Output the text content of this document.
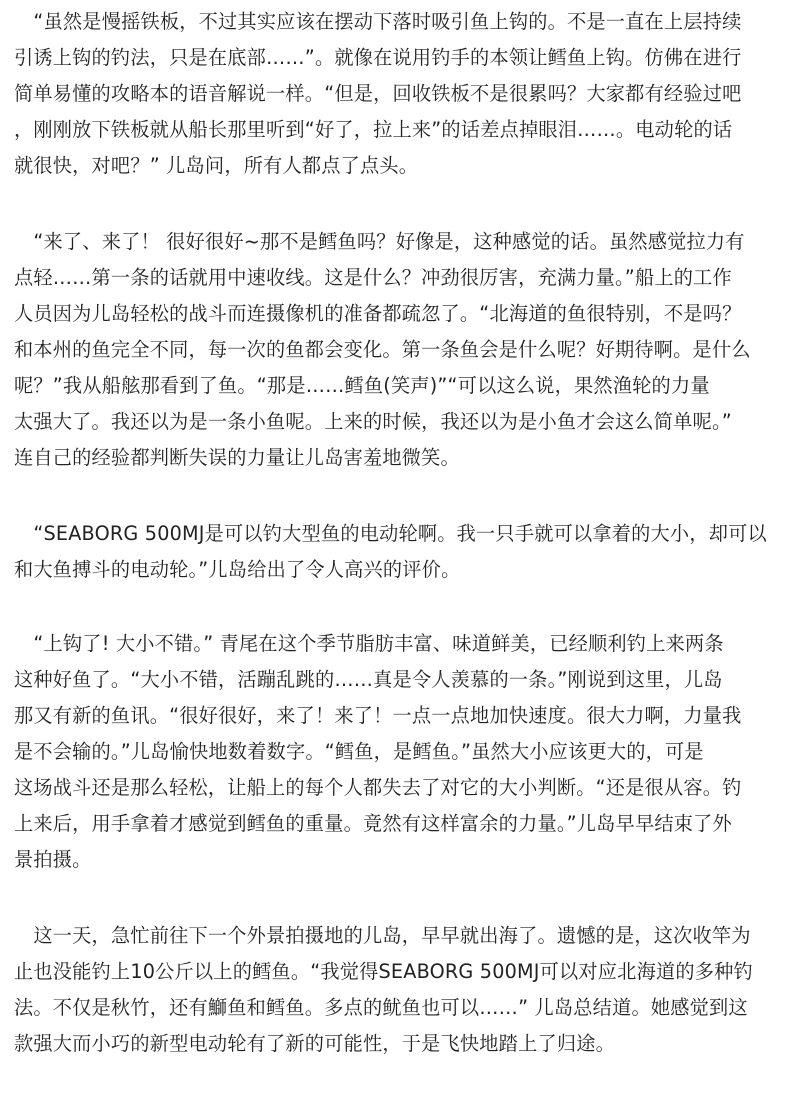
　“虽然是慢摇铁板，不过其实应该在摆动下落时吸引鱼上钩的。不是一直在上层持续
引诱上钩的钓法，只是在底部……”。就像在说用钓手的本领让鳕鱼上钩。仿佛在进行
简单易懂的攻略本的语音解说一样。“但是，回收铁板不是很累吗？大家都有经验过吧
，刚刚放下铁板就从船长那里听到“好了，拉上来”的话差点掉眼泪……。电动轮的话
就很快，对吧？” 儿岛问，所有人都点了点头。
　“来了、来了！ 很好很好~那不是鳕鱼吗？好像是，这种感觉的话。虽然感觉拉力有
点轻……第一条的话就用中速收线。这是什么？冲劲很厉害，充满力量。”船上的工作
人员因为儿岛轻松的战斗而连摄像机的准备都疏忽了。“北海道的鱼很特别，不是吗？
和本州的鱼完全不同，每一次的鱼都会变化。第一条鱼会是什么呢？好期待啊。是什么
呢？”我从船舷那看到了鱼。“那是……鳕鱼(笑声)”“可以这么说，果然渔轮的力量
太强大了。我还以为是一条小鱼呢。上来的时候，我还以为是小鱼才会这么简单呢。”
连自己的经验都判断失误的力量让儿岛害羞地微笑。
　“SEABORG 500MJ是可以钓大型鱼的电动轮啊。我一只手就可以拿着的大小，却可以
和大鱼搏斗的电动轮。”儿岛给出了令人高兴的评价。
　“上钩了! 大小不错。” 青尾在这个季节脂肪丰富、味道鲜美，已经顺利钓上来两条
这种好鱼了。“大小不错，活蹦乱跳的……真是令人羡慕的一条。”刚说到这里，儿岛
那又有新的鱼讯。“很好很好，来了！来了！一点一点地加快速度。很大力啊，力量我
是不会输的。”儿岛愉快地数着数字。“鳕鱼，是鳕鱼。”虽然大小应该更大的，可是
这场战斗还是那么轻松，让船上的每个人都失去了对它的大小判断。“还是很从容。钓
上来后，用手拿着才感觉到鳕鱼的重量。竟然有这样富余的力量。”儿岛早早结束了外
景拍摄。
　这一天，急忙前往下一个外景拍摄地的儿岛，早早就出海了。遗憾的是，这次收竿为
止也没能钓上10公斤以上的鳕鱼。“我觉得SEABORG 500MJ可以对应北海道的多种钓
法。不仅是秋竹，还有鰤鱼和鳕鱼。多点的鱿鱼也可以……” 儿岛总结道。她感觉到这
款强大而小巧的新型电动轮有了新的可能性，于是飞快地踏上了归途。
